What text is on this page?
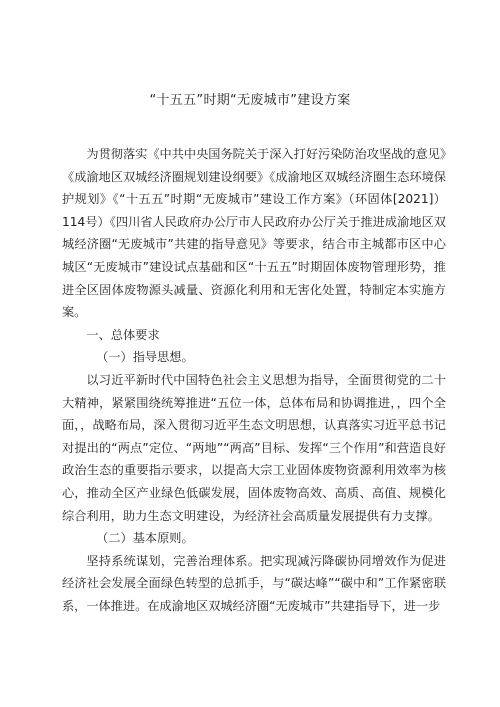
“十五五”时期“无废城市”建设方案

为贯彻落实《中共中央国务院关于深入打好污染防治攻坚战的意见》《成渝地区双城经济圈规划建设纲要》《成渝地区双城经济圈生态环境保护规划》《“十五五”时期“无废城市”建设工作方案》（环固体[2021]）114号）《四川省人民政府办公厅市人民政府办公厅关于推进成渝地区双城经济圈“无废城市”共建的指导意见》等要求，结合市主城都市区中心城区“无废城市”建设试点基础和区“十五五”时期固体废物管理形势，推进全区固体废物源头减量、资源化利用和无害化处置，特制定本实施方案。

一、总体要求

（一）指导思想。

以习近平新时代中国特色社会主义思想为指导，全面贯彻党的二十大精神，紧紧围绕统筹推进“五位一体，总体布局和协调推进，，四个全面，，战略布局，深入贯彻习近平生态文明思想，认真落实习近平总书记对提出的“两点”定位、“两地”“两高”目标、发挥“三个作用”和营造良好政治生态的重要指示要求，以提高大宗工业固体废物资源利用效率为核心，推动全区产业绿色低碳发展，固体废物高效、高质、高值、规模化综合利用，助力生态文明建设，为经济社会高质量发展提供有力支撑。

（二）基本原则。

坚持系统谋划，完善治理体系。把实现减污降碳协同增效作为促进经济社会发展全面绿色转型的总抓手，与“碳达峰”“碳中和”工作紧密联系，一体推进。在成渝地区双城经济圈“无废城市”共建指导下，进一步
